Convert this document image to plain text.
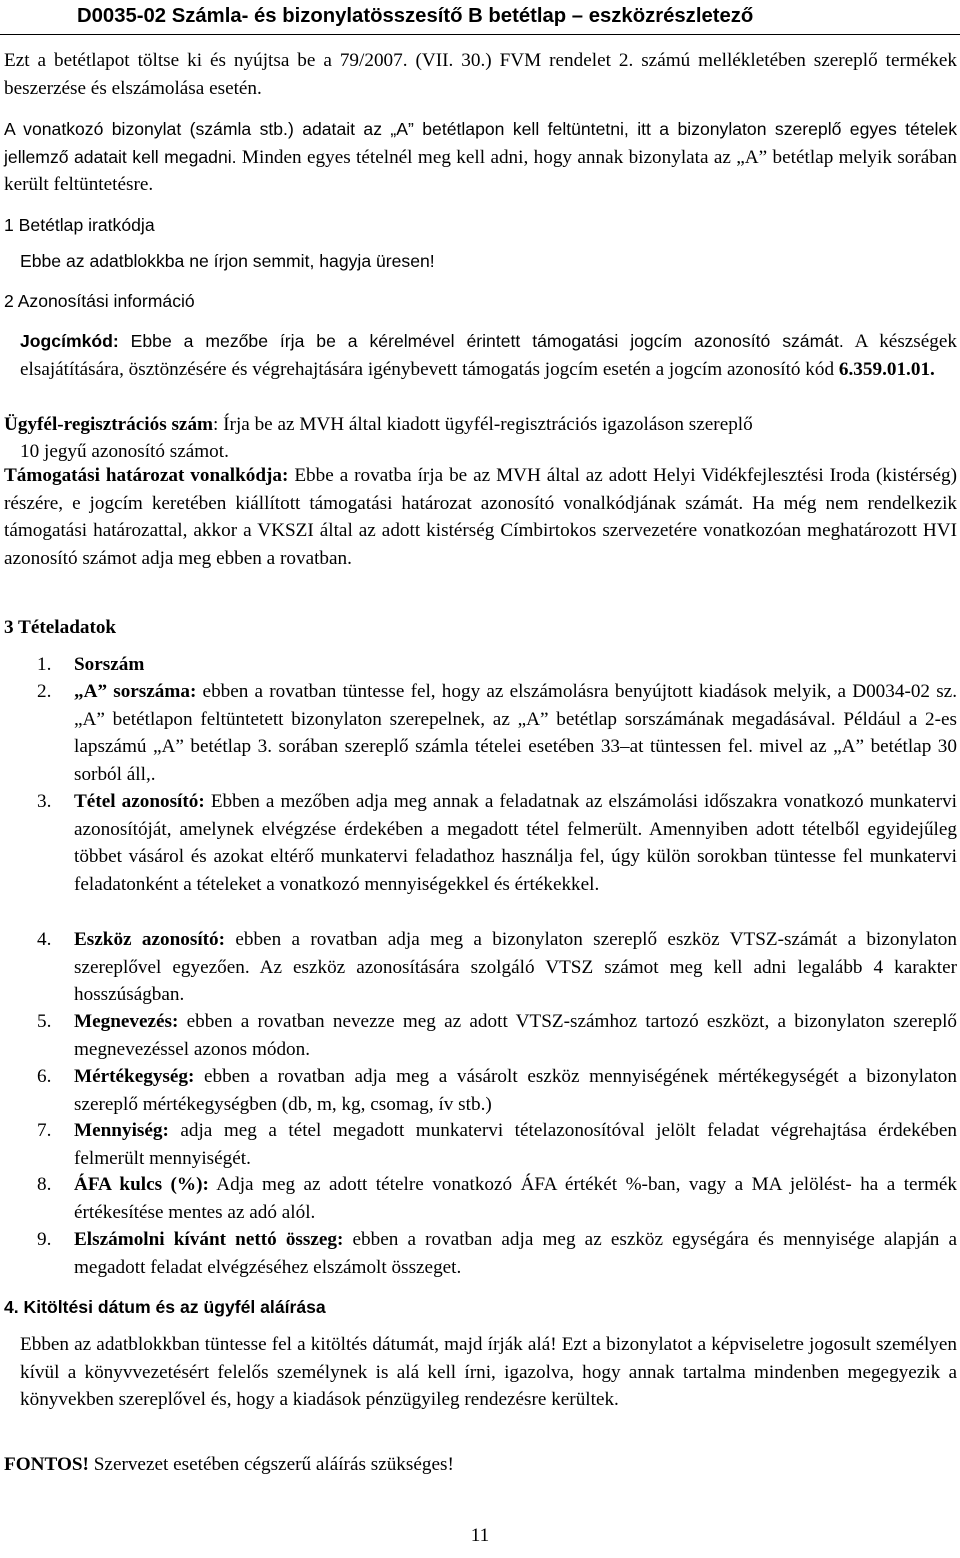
D0035-02 Számla- és bizonylatösszesítő B betétlap – eszközrészletező
Ezt a betétlapot töltse ki és nyújtsa be a 79/2007. (VII. 30.) FVM rendelet 2. számú mellékletében szereplő termékek beszerzése és elszámolása esetén.
A vonatkozó bizonylat (számla stb.) adatait az „A” betétlapon kell feltüntetni, itt a bizonylaton szereplő egyes tételek jellemző adatait kell megadni. Minden egyes tételnél meg kell adni, hogy annak bizonylata az „A” betétlap melyik sorában került feltüntetésre.
1 Betétlap iratkódja
Ebbe az adatblokkba ne írjon semmit, hagyja üresen!
2 Azonosítási információ
Jogcímkód: Ebbe a mezőbe írja be a kérelmével érintett támogatási jogcím azonosító számát. A készségek elsajátítására, ösztönzésére és végrehajtására igénybevett támogatás jogcím esetén a jogcím azonosító kód 6.359.01.01.
Ügyfél-regisztrációs szám: Írja be az MVH által kiadott ügyfél-regisztrációs igazoláson szereplő
10 jegyű azonosító számot.
Támogatási határozat vonalkódja: Ebbe a rovatba írja be az MVH által az adott Helyi Vidékfejlesztési Iroda (kistérség) részére, e jogcím keretében kiállított támogatási határozat azonosító vonalkódjának számát. Ha még nem rendelkezik támogatási határozattal, akkor a VKSZI által az adott kistérség Címbirtokos szervezetére vonatkozóan meghatározott HVI azonosító számot adja meg ebben a rovatban.
3 Tételadatok
1.	Sorszám
2.	„A” sorszáma: ebben a rovatban tüntesse fel, hogy az elszámolásra benyújtott kiadások melyik, a D0034-02 sz. „A” betétlapon feltüntetett bizonylaton szerepelnek, az „A” betétlap sorszámának megadásával. Például a 2-es lapszámú „A” betétlap 3. sorában szereplő számla tételei esetében 33–at tüntessen fel. mivel az „A” betétlap 30 sorból áll,.
3.	Tétel azonosító: Ebben a mezőben adja meg annak a feladatnak az elszámolási időszakra vonatkozó munkatervi azonosítóját, amelynek elvégzése érdekében a megadott tétel felmerült. Amennyiben adott tételből egyidejűleg többet vásárol és azokat eltérő munkatervi feladathoz használja fel, úgy külön sorokban tüntesse fel munkatervi feladatonként a tételeket a vonatkozó mennyiségekkel és értékekkel.
4.	Eszköz azonosító: ebben a rovatban adja meg a bizonylaton szereplő eszköz VTSZ-számát a bizonylaton szereplővel egyezően. Az eszköz azonosítására szolgáló VTSZ számot meg kell adni legalább 4 karakter hosszúságban.
5.	Megnevezés: ebben a rovatban nevezze meg az adott VTSZ-számhoz tartozó eszközt, a bizonylaton szereplő megnevezéssel azonos módon.
6.	Mértékegység: ebben a rovatban adja meg a vásárolt eszköz mennyiségének mértékegységét a bizonylaton szereplő mértékegységben (db, m, kg, csomag, ív stb.)
7.	Mennyiség: adja meg a tétel megadott munkatervi tételazonosítóval jelölt feladat végrehajtása érdekében felmerült mennyiségét.
8.	ÁFA kulcs (%): Adja meg az adott tételre vonatkozó ÁFA értékét %-ban, vagy a MA jelölést- ha a termék értékesítése mentes az adó alól.
9.	Elszámolni kívánt nettó összeg: ebben a rovatban adja meg az eszköz egységára és mennyisége alapján a megadott feladat elvégzéséhez elszámolt összeget.
4. Kitöltési dátum és az ügyfél aláírása
Ebben az adatblokkban tüntesse fel a kitöltés dátumát, majd írják alá! Ezt a bizonylatot a képviseletre jogosult személyen kívül a könyvvezetésért felelős személynek is alá kell írni, igazolva, hogy annak tartalma mindenben megegyezik a könyvekben szereplővel és, hogy a kiadások pénzügyileg rendezésre kerültek.
FONTOS! Szervezet esetében cégszerű aláírás szükséges!
11
